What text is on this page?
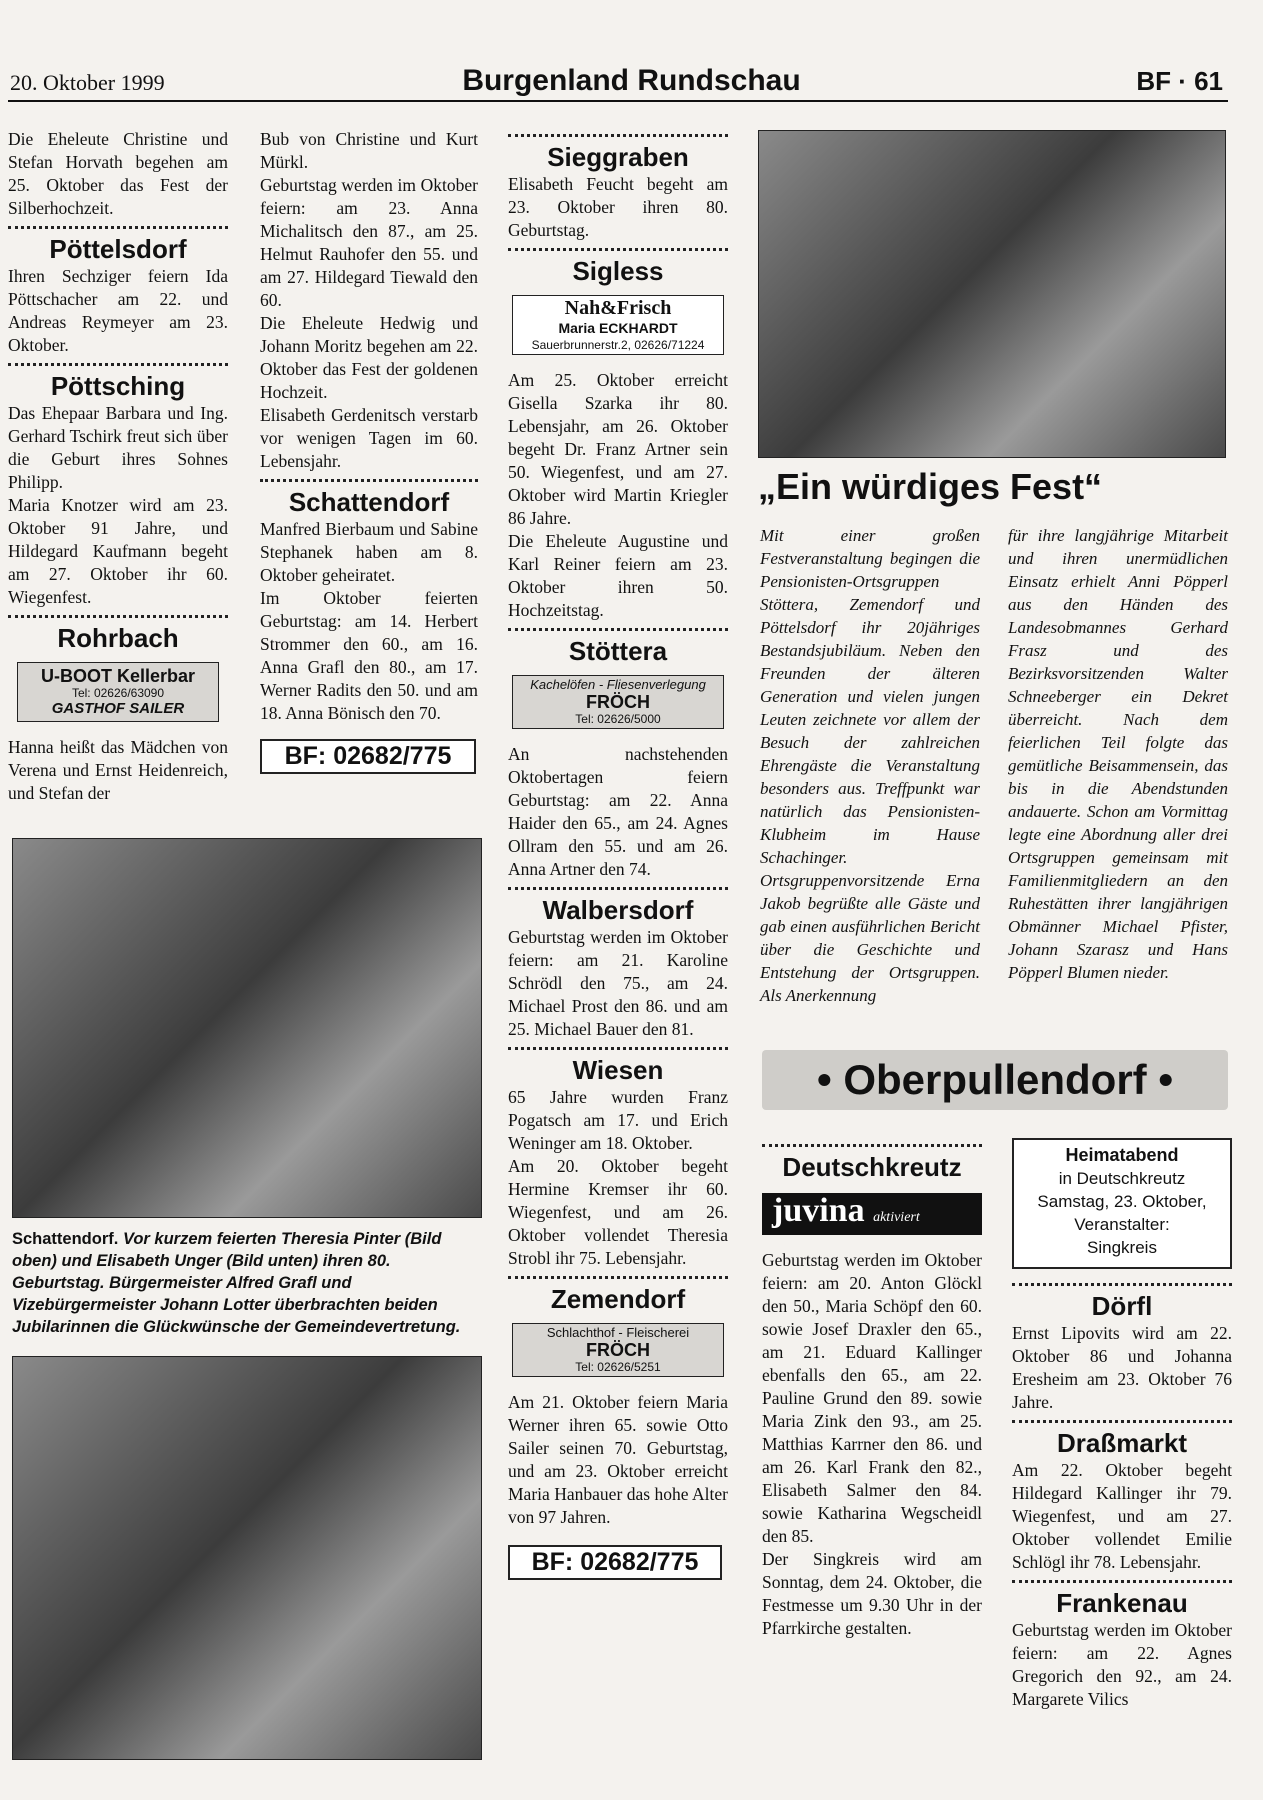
20. Oktober 1999	Burgenland Rundschau	BF · 61

Die Eheleute Christine und Stefan Horvath begehen am 25. Oktober das Fest der Silberhochzeit.

Pöttelsdorf

Ihren Sechziger feiern Ida Pöttschacher am 22. und Andreas Reymeyer am 23. Oktober.

Pöttsching

Das Ehepaar Barbara und Ing. Gerhard Tschirk freut sich über die Geburt ihres Sohnes Philipp.

Maria Knotzer wird am 23. Oktober 91 Jahre, und Hildegard Kaufmann begeht am 27. Oktober ihr 60. Wiegenfest.

Rohrbach
U-BOOT Kellerbar
Tel: 02626/63090
GASTHOF SAILER

Hanna heißt das Mädchen von Verena und Ernst Heidenreich, und Stefan der

Bub von Christine und Kurt Mürkl.

Geburtstag werden im Oktober feiern: am 23. Anna Michalitsch den 87., am 25. Helmut Rauhofer den 55. und am 27. Hildegard Tiewald den 60.

Die Eheleute Hedwig und Johann Moritz begehen am 22. Oktober das Fest der goldenen Hochzeit.

Elisabeth Gerdenitsch verstarb vor wenigen Tagen im 60. Lebensjahr.

Schattendorf

Manfred Bierbaum und Sabine Stephanek haben am 8. Oktober geheiratet.

Im Oktober feierten Geburtstag: am 14. Herbert Strommer den 60., am 16. Anna Grafl den 80., am 17. Werner Radits den 50. und am 18. Anna Bönisch den 70.

BF: 02682/775
Schattendorf. Vor kurzem feierten Theresia Pinter (Bild oben) und Elisabeth Unger (Bild unten) ihren 80. Geburtstag. Bürgermeister Alfred Grafl und Vizebürgermeister Johann Lotter überbrachten beiden Jubilarinnen die Glückwünsche der Gemeindevertretung.
Sieggraben

Elisabeth Feucht begeht am 23. Oktober ihren 80. Geburtstag.

Sigless
Nah&Frisch
Maria ECKHARDT
Sauerbrunnerstr.2, 02626/71224

Am 25. Oktober erreicht Gisella Szarka ihr 80. Lebensjahr, am 26. Oktober begeht Dr. Franz Artner sein 50. Wiegenfest, und am 27. Oktober wird Martin Kriegler 86 Jahre.

Die Eheleute Augustine und Karl Reiner feiern am 23. Oktober ihren 50. Hochzeitstag.

Stöttera
Kachelöfen - Fliesenverlegung
FRÖCH
Tel: 02626/5000

An nachstehenden Oktobertagen feiern Geburtstag: am 22. Anna Haider den 65., am 24. Agnes Ollram den 55. und am 26. Anna Artner den 74.

Walbersdorf

Geburtstag werden im Oktober feiern: am 21. Karoline Schrödl den 75., am 24. Michael Prost den 86. und am 25. Michael Bauer den 81.

Wiesen

65 Jahre wurden Franz Pogatsch am 17. und Erich Weninger am 18. Oktober.

Am 20. Oktober begeht Hermine Kremser ihr 60. Wiegenfest, und am 26. Oktober vollendet Theresia Strobl ihr 75. Lebensjahr.

Zemendorf
Schlachthof - Fleischerei
FRÖCH
Tel: 02626/5251

Am 21. Oktober feiern Maria Werner ihren 65. sowie Otto Sailer seinen 70. Geburtstag, und am 23. Oktober erreicht Maria Hanbauer das hohe Alter von 97 Jahren.

BF: 02682/775
„Ein würdiges Fest“
Mit einer großen Festveranstaltung begingen die Pensionisten-Ortsgruppen Stöttera, Zemendorf und Pöttelsdorf ihr 20jähriges Bestandsjubiläum. Neben den Freunden der älteren Generation und vielen jungen Leuten zeichnete vor allem der Besuch der zahlreichen Ehrengäste die Veranstaltung besonders aus. Treffpunkt war natürlich das Pensionisten-Klubheim im Hause Schachinger. Ortsgruppenvorsitzende Erna Jakob begrüßte alle Gäste und gab einen ausführlichen Bericht über die Geschichte und Entstehung der Ortsgruppen. Als Anerkennung
für ihre langjährige Mitarbeit und ihren unermüdlichen Einsatz erhielt Anni Pöpperl aus den Händen des Landesobmannes Gerhard Frasz und des Bezirksvorsitzenden Walter Schneeberger ein Dekret überreicht. Nach dem feierlichen Teil folgte das gemütliche Beisammensein, das bis in die Abendstunden andauerte. Schon am Vormittag legte eine Abordnung aller drei Ortsgruppen gemeinsam mit Familienmitgliedern an den Ruhestätten ihrer langjährigen Obmänner Michael Pfister, Johann Szarasz und Hans Pöpperl Blumen nieder.
• Oberpullendorf •
Deutschkreutz
juvina aktiviert

Geburtstag werden im Oktober feiern: am 20. Anton Glöckl den 50., Maria Schöpf den 60. sowie Josef Draxler den 65., am 21. Eduard Kallinger ebenfalls den 65., am 22. Pauline Grund den 89. sowie Maria Zink den 93., am 25. Matthias Karrner den 86. und am 26. Karl Frank den 82., Elisabeth Salmer den 84. sowie Katharina Wegscheidl den 85.

Der Singkreis wird am Sonntag, dem 24. Oktober, die Festmesse um 9.30 Uhr in der Pfarrkirche gestalten.

Heimatabend
in Deutschkreutz
Samstag, 23. Oktober,
Veranstalter:
Singkreis
Dörfl

Ernst Lipovits wird am 22. Oktober 86 und Johanna Eresheim am 23. Oktober 76 Jahre.

Draßmarkt

Am 22. Oktober begeht Hildegard Kallinger ihr 79. Wiegenfest, und am 27. Oktober vollendet Emilie Schlögl ihr 78. Lebensjahr.

Frankenau

Geburtstag werden im Oktober feiern: am 22. Agnes Gregorich den 92., am 24. Margarete Vilics
